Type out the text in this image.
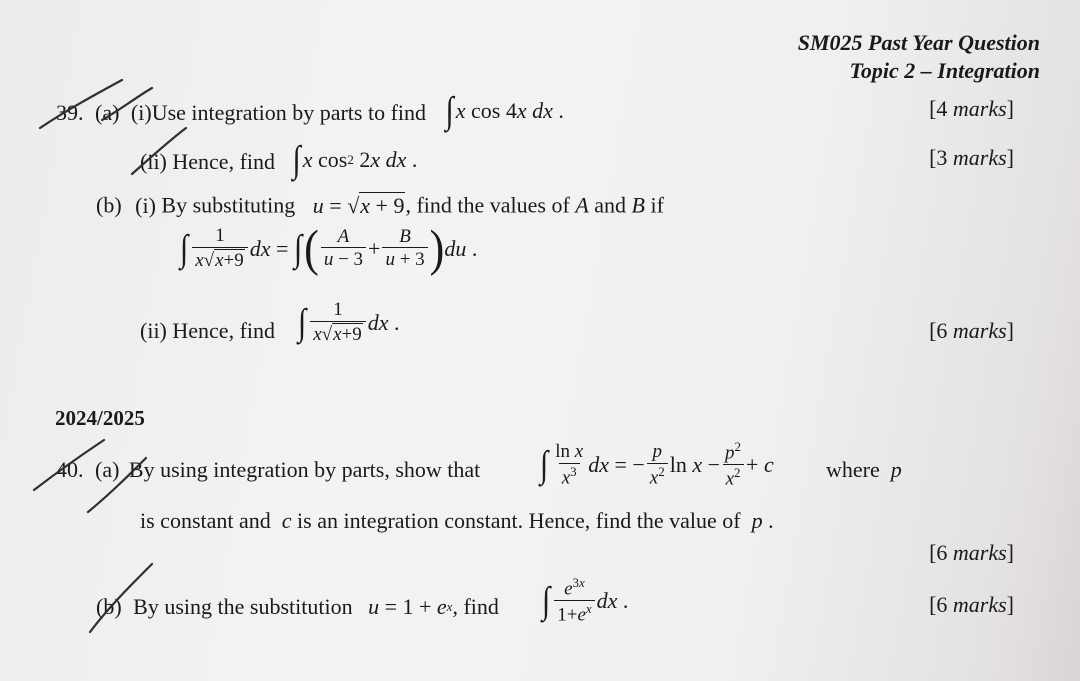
SM025 Past Year Question
Topic 2 – Integration
39. (a) (i)Use integration by parts to find ∫ x cos 4 x
dx .	[4 marks]
(ii) Hence, find ∫ x cos 2 2 x
dx .	[3 marks]
(b) (i) By substituting u = √ x + 9 , find the values of A and B if
∫ $\frac{1}{x√ x+9}$ dx = ∫ ( $\frac{A}{u - 3} + \frac{B}{u + 3}$ ) du .
(ii) Hence, find ∫ $\frac{1}{x√ x+9}$ dx .	[6 marks]
2024/2025
40. (a) By using integration by parts, show that ∫ $\frac{\text{ln x}}{x^3}$ dx = − $\frac{p}{x^2}$ $\ln x - \frac{p^2}{x^2} + c$ where p
is constant and c is an integration constant. Hence, find the value of p .
[6 marks]
(b) By using the substitution u = 1 + e x , find ∫ $\frac{e^{3x}}{1+e^x}$ dx .	[6 marks]
